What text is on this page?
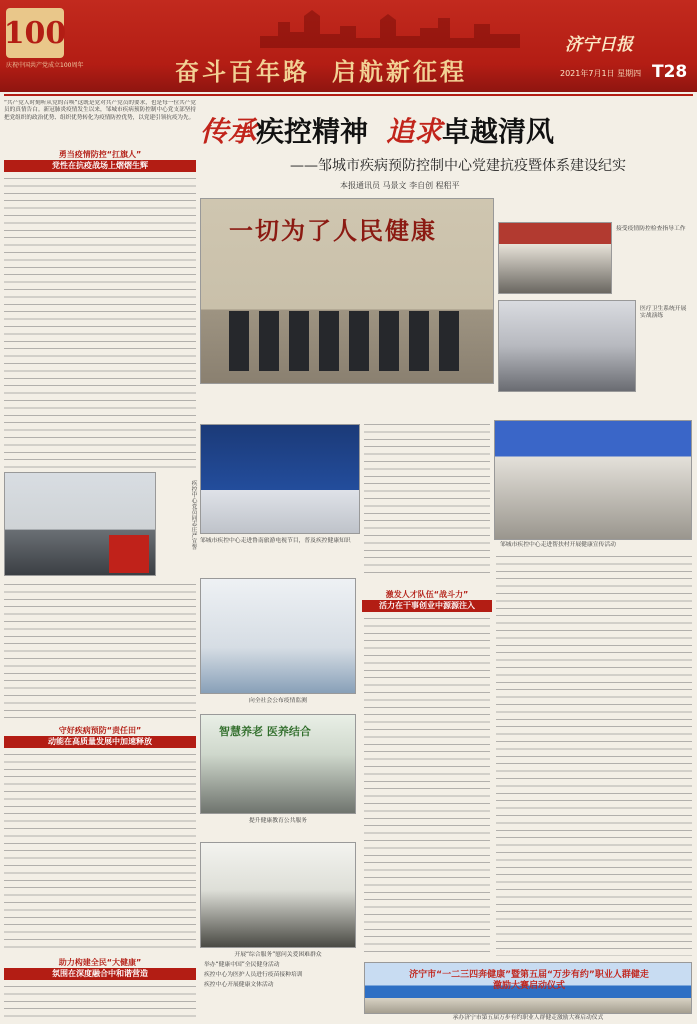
100
庆祝中国共产党成立100周年	奋斗百年路 启航新征程
济宁日报
2021年7月1日 星期四 T28
传承 疾控精神 追求 卓越清风
——邹城市疾病预防控制中心党建抗疫暨体系建设纪实
本报通讯员 马景文 李自创 程稆平
“共产党人时刻听从党的召唤”这既是党对共产党员的要求，也是每一位共产党员的真情告白。新冠肺炎疫情发生以来，邹城市疾病预防控制中心党支部坚持把党组织的政治优势、组织优势转化为疫情防控优势，以党建引领抗疫为先。
勇当疫情防控“扛旗人”
党性在抗疫战场上熠熠生辉
疾控中心党员同志庄严宣誓
守好疾病预防“责任田”
动能在高质量发展中加速释放
助力构建全民“大健康”
氛围在深度融合中和谐营造
一切为了人民健康	接受疫情防控检查指导工作
医疗卫生系统开展实战演练
邹城市疾控中心走进鲁南旅游电视节目，普及疾控健康知识
邹城市疾控中心走进帮扶村开展健康宣传活动
向全社会公布疫情监测
激发人才队伍“战斗力”
活力在干事创业中源源注入
智慧养老 医养结合
提升健康教育公共服务
开展“综合服务”慰问关爱困难群众
济宁市“一二三四奔健康”暨第五届“万步有约”职业人群健走
激励大赛启动仪式
承办济宁市第五届万步有约职业人群健走激励大赛启动仪式
举办“健康中国”全民健身活动
疾控中心为医护人员进行疫苗接种培训
疾控中心开展健康文体活动
